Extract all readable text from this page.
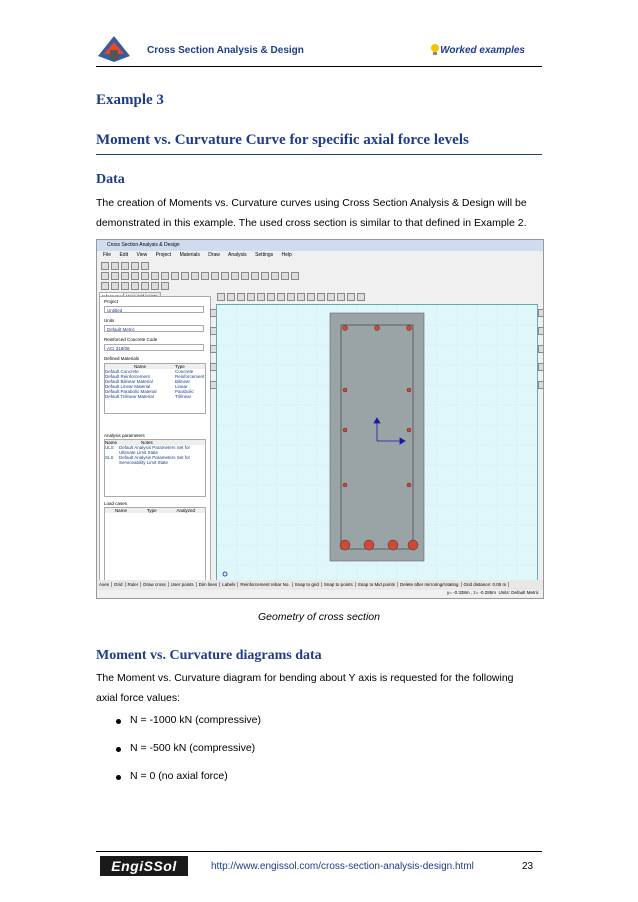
Cross Section Analysis & Design	Worked examples
Example 3
Moment vs. Curvature Curve for specific axial force levels
Data
The creation of Moments vs. Curvature curves using Cross Section Analysis & Design will be
demonstrated in this example. The used cross section is similar to that defined in Example 2.
Cross Section Analysis & Design
File Edit View Project Materials Draw Analysis Settings Help
Project
Untitled
Units
Default Metric
Reinforced Concrete Code
ACI 318/08
Defined Materials
Name	Type
Default Concrete	Concrete
Default Reinforcement	Reinforcement
Default Bilinear Material	Bilinear
Default Linear Material	Linear
Default Parabolic Material	Parabolic
Default Trilinear Material	Trilinear
Analysis parameters
Name	Notes
ULS	Default Analysis Parameters Set for Ultimate Limit State
SLS	Default Analysis Parameters Set for Serviceability Limit State
Load cases
Name	Type	Analyzed

Axes Grid Ruler Draw cross User points Dim lines Labels Reinforcement rebar No. Snap to grid Snap to points Snap to Mid points Delete after mirroring/rotating Grid distance: 0.05 m
y= -0.338m , z= -0.285m Units: Default Metric
Geometry of cross section
Moment vs. Curvature diagrams data
The Moment vs. Curvature diagram for bending about Y axis is requested for the following
axial force values:
N = -1000 kN (compressive)
N = -500 kN (compressive)
N = 0 (no axial force)
EngiSSol	http://www.engissol.com/cross-section-analysis-design.html	23
